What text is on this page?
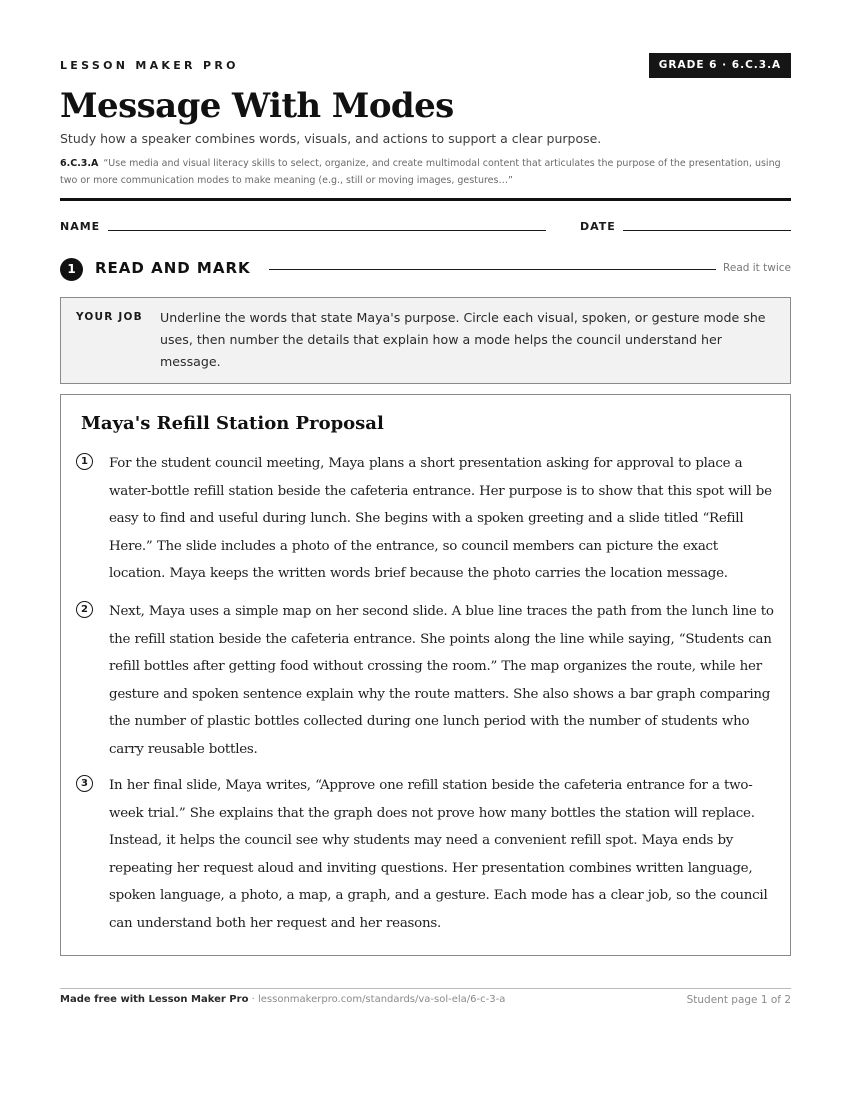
LESSON MAKER PRO	GRADE 6 · 6.C.3.A
Message With Modes
Study how a speaker combines words, visuals, and actions to support a clear purpose.
6.C.3.A “Use media and visual literacy skills to select, organize, and create multimodal content that articulates the purpose of the presentation, using two or more communication modes to make meaning (e.g., still or moving images, gestures…”
NAME	DATE
1	READ AND MARK	Read it twice
YOUR JOB Underline the words that state Maya's purpose. Circle each visual, spoken, or gesture mode she uses, then number the details that explain how a mode helps the council understand her message.
Maya's Refill Station Proposal
1	For the student council meeting, Maya plans a short presentation asking for approval to place a water-bottle refill station beside the cafeteria entrance. Her purpose is to show that this spot will be easy to find and useful during lunch. She begins with a spoken greeting and a slide titled “Refill Here.” The slide includes a photo of the entrance, so council members can picture the exact location. Maya keeps the written words brief because the photo carries the location message.

2	Next, Maya uses a simple map on her second slide. A blue line traces the path from the lunch line to the refill station beside the cafeteria entrance. She points along the line while saying, “Students can refill bottles after getting food without crossing the room.” The map organizes the route, while her gesture and spoken sentence explain why the route matters. She also shows a bar graph comparing the number of plastic bottles collected during one lunch period with the number of students who carry reusable bottles.

3	In her final slide, Maya writes, “Approve one refill station beside the cafeteria entrance for a two-week trial.” She explains that the graph does not prove how many bottles the station will replace. Instead, it helps the council see why students may need a convenient refill spot. Maya ends by repeating her request aloud and inviting questions. Her presentation combines written language, spoken language, a photo, a map, a graph, and a gesture. Each mode has a clear job, so the council can understand both her request and her reasons.

Made free with Lesson Maker Pro · lessonmakerpro.com/standards/va-sol-ela/6-c-3-a	Student page 1 of 2
